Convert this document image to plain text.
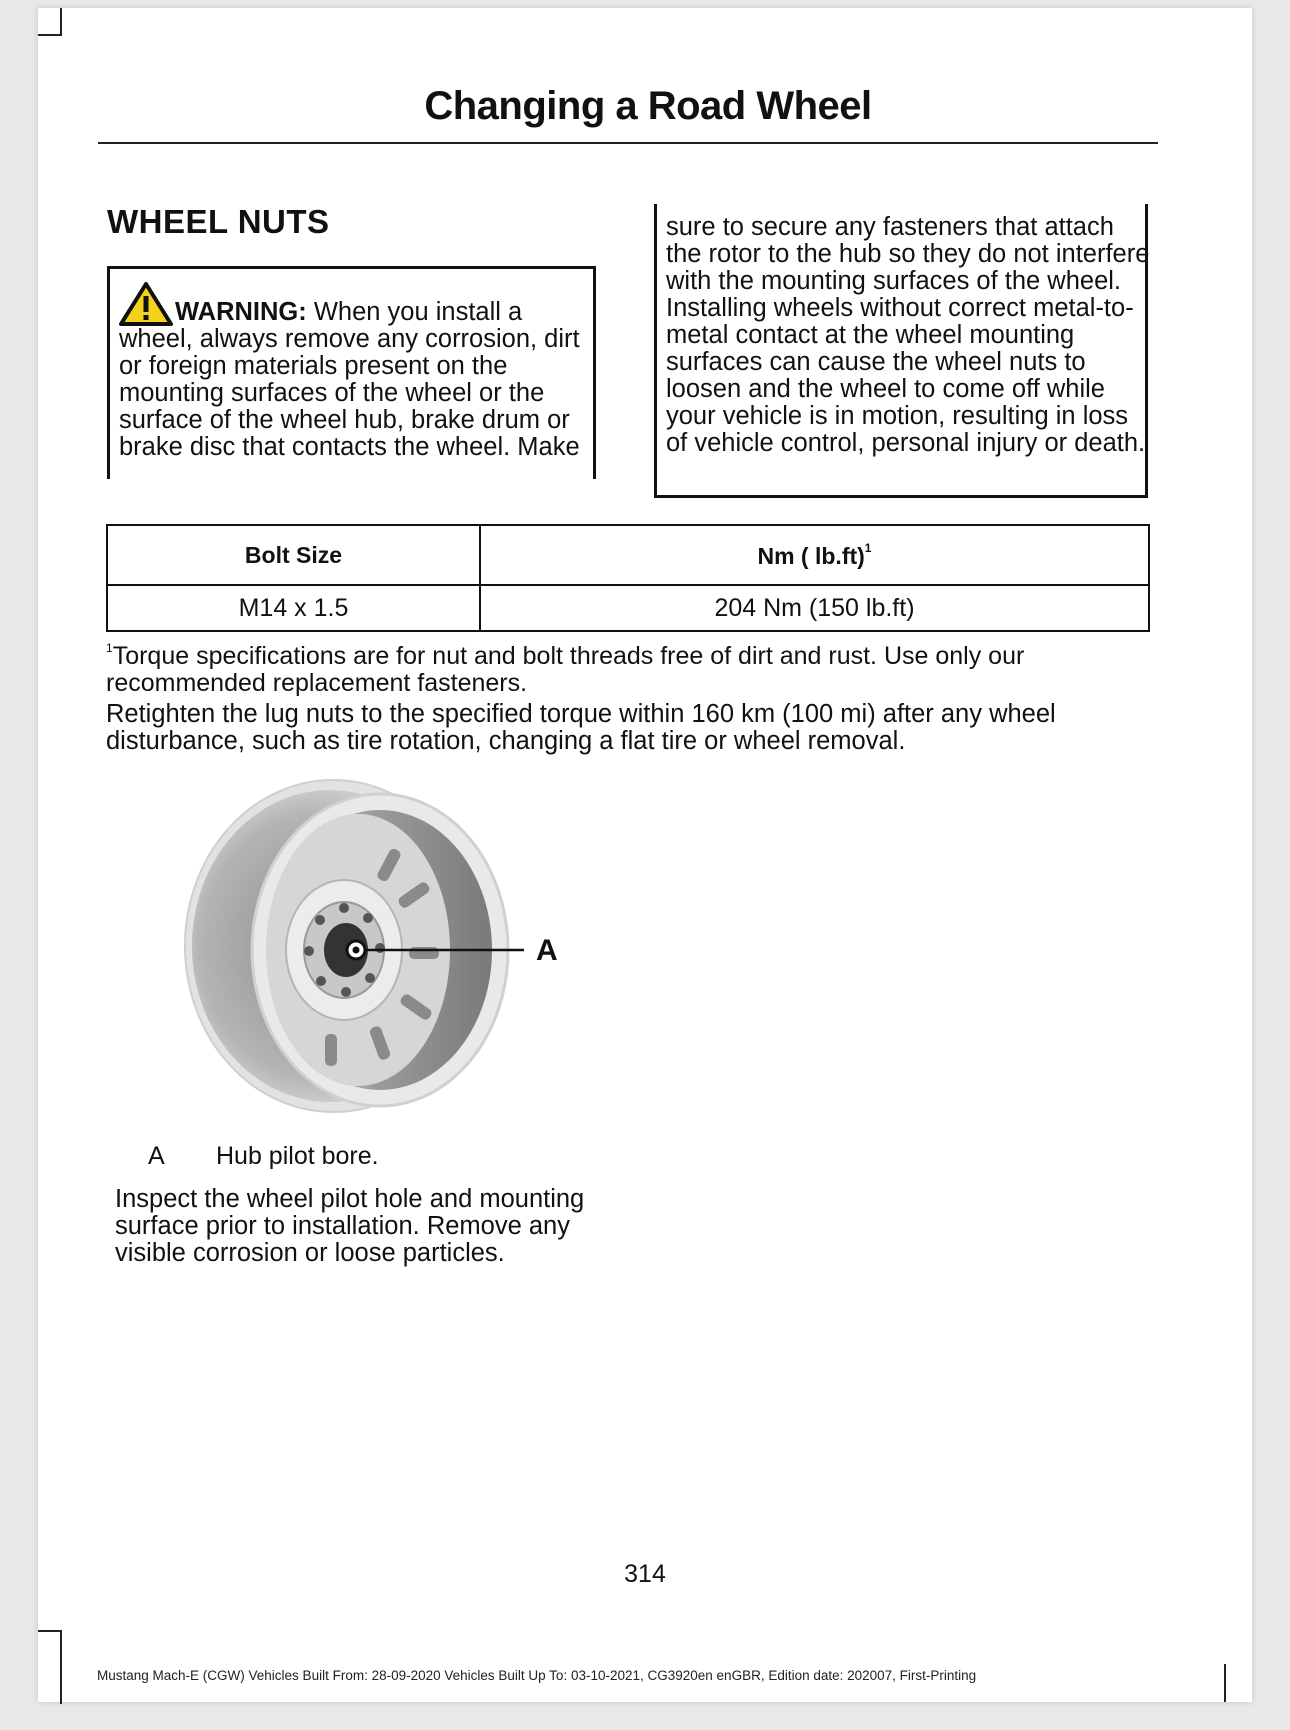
Changing a Road Wheel
WHEEL NUTS
WARNING: When you install a wheel, always remove any corrosion, dirt or foreign materials present on the mounting surfaces of the wheel or the surface of the wheel hub, brake drum or brake disc that contacts the wheel. Make
sure to secure any fasteners that attach the rotor to the hub so they do not interfere with the mounting surfaces of the wheel. Installing wheels without correct metal-to-metal contact at the wheel mounting surfaces can cause the wheel nuts to loosen and the wheel to come off while your vehicle is in motion, resulting in loss of vehicle control, personal injury or death.
Bolt Size	Nm ( lb.ft)$^1$
M14 x 1.5	204 Nm (150 lb.ft)
$^1$Torque specifications are for nut and bolt threads free of dirt and rust. Use only our recommended replacement fasteners.
Retighten the lug nuts to the specified torque within 160 km (100 mi) after any wheel disturbance, such as tire rotation, changing a flat tire or wheel removal.
A
A Hub pilot bore.
Inspect the wheel pilot hole and mounting surface prior to installation. Remove any visible corrosion or loose particles.
314
Mustang Mach-E (CGW) Vehicles Built From: 28-09-2020 Vehicles Built Up To: 03-10-2021, CG3920en enGBR, Edition date: 202007, First-Printing
